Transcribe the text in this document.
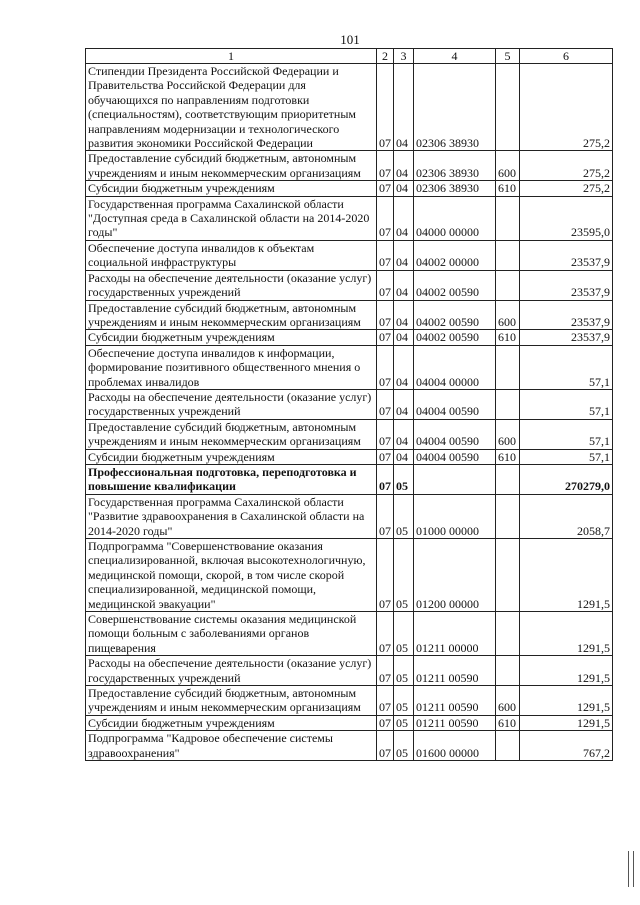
101
1	2	3	4	5	6
Стипендии Президента Российской Федерации и Правительства Российской Федерации для обучающихся по направлениям подготовки (специальностям), соответствующим приоритетным направлениям модернизации и технологического развития экономики Российской Федерации	07	04	02306 38930		275,2
Предоставление субсидий бюджетным, автономным учреждениям и иным некоммерческим организациям	07	04	02306 38930	600	275,2
Субсидии бюджетным учреждениям	07	04	02306 38930	610	275,2
Государственная программа Сахалинской области "Доступная среда в Сахалинской области на 2014-2020 годы"	07	04	04000 00000		23595,0
Обеспечение доступа инвалидов к объектам социальной инфраструктуры	07	04	04002 00000		23537,9
Расходы на обеспечение деятельности (оказание услуг) государственных учреждений	07	04	04002 00590		23537,9
Предоставление субсидий бюджетным, автономным учреждениям и иным некоммерческим организациям	07	04	04002 00590	600	23537,9
Субсидии бюджетным учреждениям	07	04	04002 00590	610	23537,9
Обеспечение доступа инвалидов к информации, формирование позитивного общественного мнения о проблемах инвалидов	07	04	04004 00000		57,1
Расходы на обеспечение деятельности (оказание услуг) государственных учреждений	07	04	04004 00590		57,1
Предоставление субсидий бюджетным, автономным учреждениям и иным некоммерческим организациям	07	04	04004 00590	600	57,1
Субсидии бюджетным учреждениям	07	04	04004 00590	610	57,1
Профессиональная подготовка, переподготовка и повышение квалификации	07	05			270279,0
Государственная программа Сахалинской области "Развитие здравоохранения в Сахалинской области на 2014-2020 годы"	07	05	01000 00000		2058,7
Подпрограмма "Совершенствование оказания специализированной, включая высокотехнологичную, медицинской помощи, скорой, в том числе скорой специализированной, медицинской помощи, медицинской эвакуации"	07	05	01200 00000		1291,5
Совершенствование системы оказания медицинской помощи больным с заболеваниями органов пищеварения	07	05	01211 00000		1291,5
Расходы на обеспечение деятельности (оказание услуг) государственных учреждений	07	05	01211 00590		1291,5
Предоставление субсидий бюджетным, автономным учреждениям и иным некоммерческим организациям	07	05	01211 00590	600	1291,5
Субсидии бюджетным учреждениям	07	05	01211 00590	610	1291,5
Подпрограмма "Кадровое обеспечение системы здравоохранения"	07	05	01600 00000		767,2
